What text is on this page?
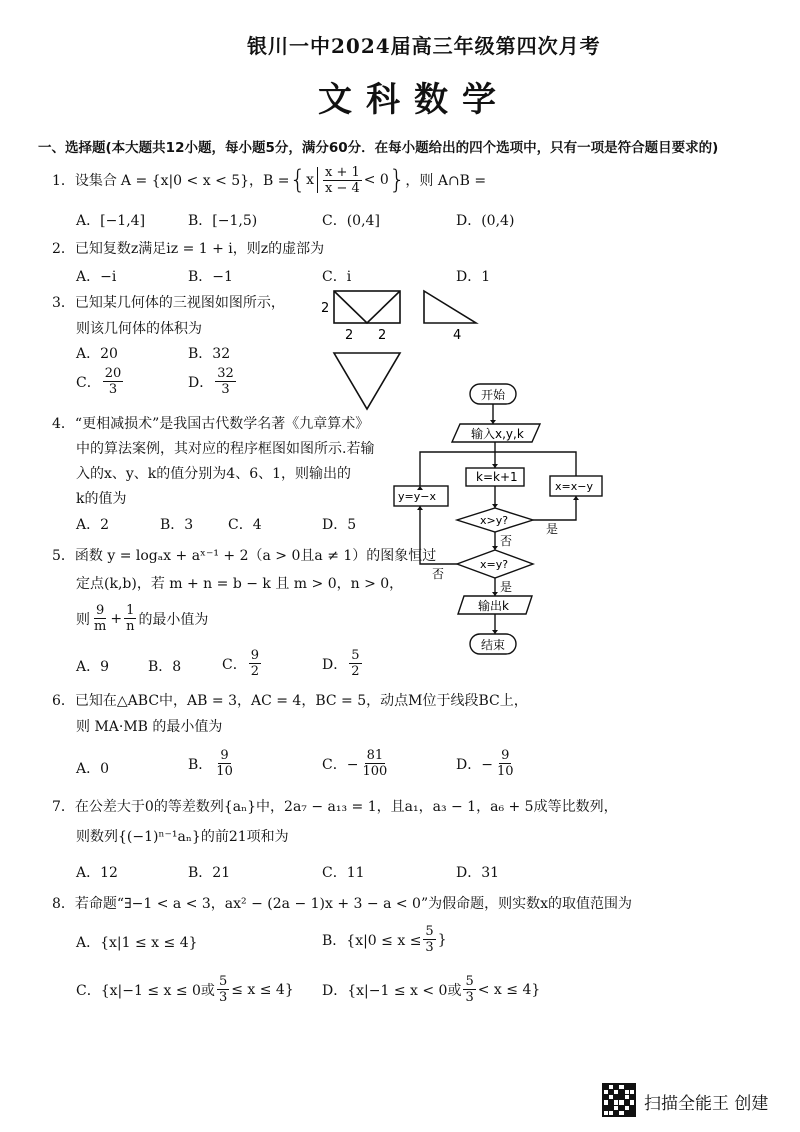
银川一中2024届高三年级第四次月考
文科数学
一、选择题(本大题共12小题，每小题5分，满分60分．在每小题给出的四个选项中，只有一项是符合题目要求的)
1．设集合 A = {x|0 < x < 5}，B = { x $\frac{x + 1}{x - 4} < 0$ } ，则 A∩B =
A．[−1,4]	B．[−1,5)	C．(0,4]	D．(0,4)
2．已知复数z满足iz = 1 + i，则z的虚部为
A．−i	B．−1	C．i	D．1
3．已知某几何体的三视图如图所示，
则该几何体的体积为
A．20	B．32
C． $\frac{20}{3}$	D． $\frac{32}{3}$
2
2 2	4
4．“更相减损术”是我国古代数学名著《九章算术》
中的算法案例，其对应的程序框图如图所示.若输
入的x、y、k的值分别为4、6、1，则输出的
k的值为
A．2	B．3 C．4	D．5
开始
输入x,y,k
k=k+1
x>y?
x=y?
y=y−x
x=x−y
输出k
结束
是
否
是
否
5．函数 y = logₐx + aˣ⁻¹ + 2（a > 0且a ≠ 1）的图象恒过
定点(k,b)，若 m + n = b − k 且 m > 0，n > 0，
则 $\frac{9}{m} + \frac{1}{n}$ 的最小值为
A．9	B．8	C． $\frac{9}{2}$	D． $\frac{5}{2}$
6．已知在△ABC中，AB = 3，AC = 4，BC = 5，动点M位于线段BC上，
则 MA·MB 的最小值为
A．0	B． $\frac{9}{10}$	C．− $\frac{81}{100}$	D．− $\frac{9}{10}$
7．在公差大于0的等差数列{aₙ}中，2a₇ − a₁₃ = 1，且a₁，a₃ − 1，a₆ + 5成等比数列，
则数列{(−1)ⁿ⁻¹aₙ}的前21项和为
A．12	B．21	C．11	D．31
8．若命题“∃−1 < a < 3，ax² − (2a − 1)x + 3 − a < 0”为假命题，则实数x的取值范围为
A．{x|1 ≤ x ≤ 4}	B．{$x|0 \le x \le \frac{5}{3}$ }
C．{x|−1 ≤ x ≤ 0或 $\frac{5}{3} \le x \le 4$} D．{x|−1 ≤ x < 0或 $\frac{5}{3} < x \le 4$}
扫描全能王 创建
